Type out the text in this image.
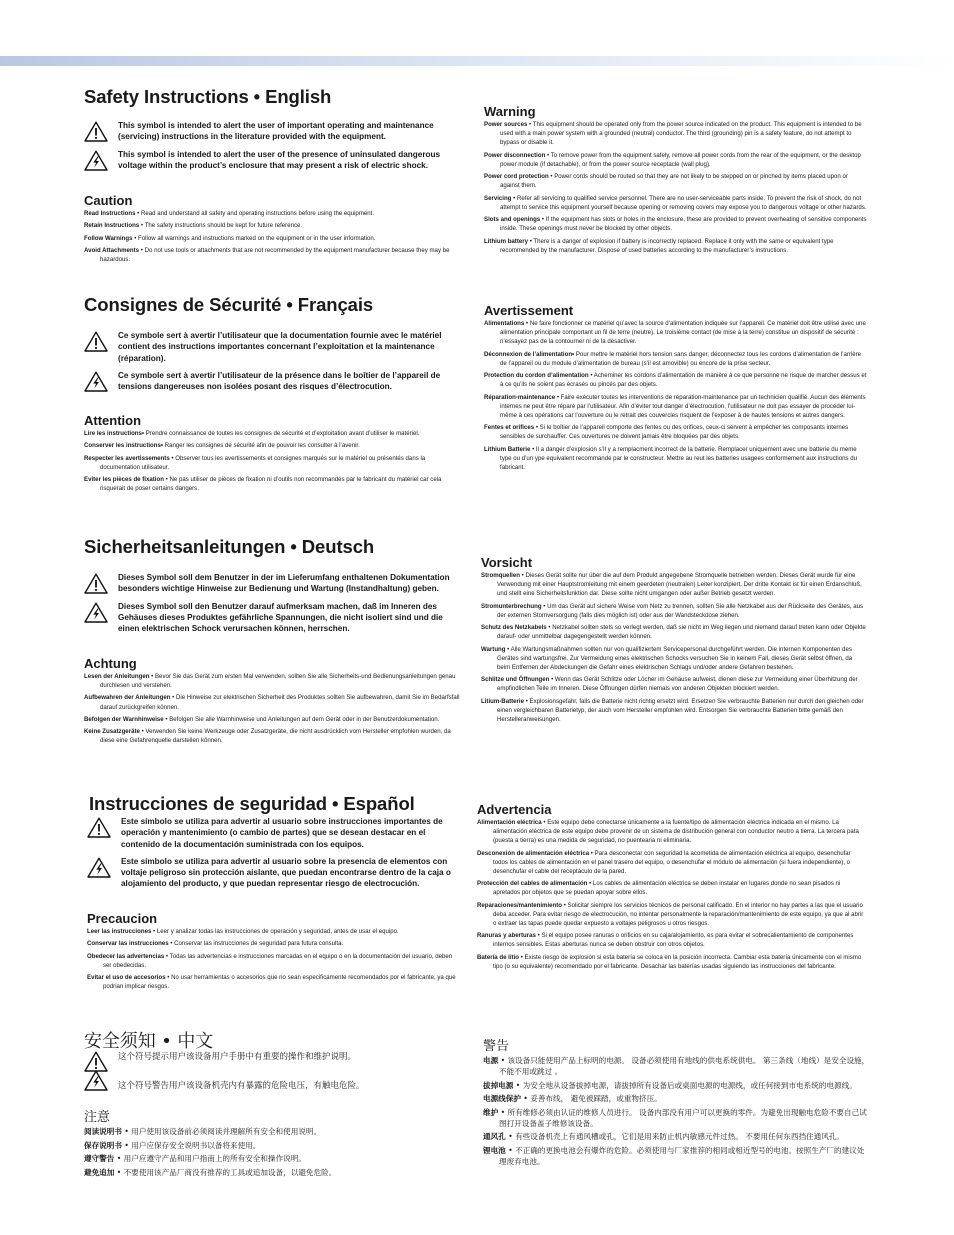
Safety Instructions • English
This symbol is intended to alert the user of important operating and maintenance (servicing) instructions in the literature provided with the equipment.
This symbol is intended to alert the user of the presence of uninsulated dangerous voltage within the product’s enclosure that may present a risk of electric shock.
Caution
Read Instructions • Read and understand all safety and operating instructions before using the equipment.
Retain Instructions • The safety instructions should be kept for future reference.
Follow Warnings • Follow all warnings and instructions marked on the equipment or in the user information.
Avoid Attachments • Do not use tools or attachments that are not recommended by the equipment manufacturer because they may be hazardous.
Warning
Power sources • This equipment should be operated only from the power source indicated on the product. This equipment is intended to be used with a main power system with a grounded (neutral) conductor. The third (grounding) pin is a safety feature, do not attempt to bypass or disable it.
Power disconnection • To remove power from the equipment safely, remove all power cords from the rear of the equipment, or the desktop power module (if detachable), or from the power source receptacle (wall plug).
Power cord protection • Power cords should be routed so that they are not likely to be stepped on or pinched by items placed upon or against them.
Servicing • Refer all servicing to qualified service personnel. There are no user-serviceable parts inside. To prevent the risk of shock, do not attempt to service this equipment yourself because opening or removing covers may expose you to dangerous voltage or other hazards.
Slots and openings • If the equipment has slots or holes in the enclosure, these are provided to prevent overheating of sensitive components inside. These openings must never be blocked by other objects.
Lithium battery • There is a danger of explosion if battery is incorrectly replaced. Replace it only with the same or equivalent type recommended by the manufacturer. Dispose of used batteries according to the manufacturer’s instructions.
Consignes de Sécurité • Français
Ce symbole sert à avertir l’utilisateur que la documentation fournie avec le matériel contient des instructions importantes concernant l’exploitation et la maintenance (réparation).
Ce symbole sert à avertir l’utilisateur de la présence dans le boîtier de l’appareil de tensions dangereuses non isolées posant des risques d’électrocution.
Attention
Lire les instructions• Prendre connaissance de toutes les consignes de sécurité et d’exploitation avant d’utiliser le matériel.
Conserver les instructions• Ranger les consignes de sécurité afin de pouvoir les consulter à l’avenir.
Respecter les avertissements • Observer tous les avertissements et consignes marqués sur le matériel ou présentés dans la documentation utilisateur.
Eviter les pièces de fixation • Ne pas utiliser de pièces de fixation ni d’outils non recommandés par le fabricant du matériel car cela risquerait de poser certains dangers.
Avertissement
Alimentations • Ne faire fonctionner ce matériel qu’avec la source d’alimentation indiquée sur l’appareil. Ce matériel doit être utilisé avec une alimentation principale comportant un fil de terre (neutre). Le troisième contact (de mise à la terre) constitue un dispositif de sécurité : n’essayez pas de la contourner ni de la désactiver.
Déconnexion de l’alimentation• Pour mettre le matériel hors tension sans danger, déconnectez tous les cordons d’alimentation de l’arrière de l’appareil ou du module d’alimentation de bureau (s’il est amovible) ou encore de la prise secteur.
Protection du cordon d’alimentation • Acheminer les cordons d’alimentation de manière à ce que personne ne risque de marcher dessus et à ce qu’ils ne soient pas écrasés ou pincés par des objets.
Réparation-maintenance • Faire exécuter toutes les interventions de réparation-maintenance par un technicien qualifié. Aucun des éléments internes ne peut être réparé par l’utilisateur. Afin d’éviter tout danger d’électrocution, l’utilisateur ne doit pas essayer de procéder lui-même à ces opérations car l’ouverture ou le retrait des couvercles risquent de l’exposer à de hautes tensions et autres dangers.
Fentes et orifices • Si le boîtier de l’appareil comporte des fentes ou des orifices, ceux-ci servent à empêcher les composants internes sensibles de surchauffer. Ces ouvertures ne doivent jamais être bloquées par des objets.
Lithium Batterie • Il a danger d’explosion s’Il y a remplacment incorrect de la batterie. Remplacer uniquement avec une batterie du meme type ou d’un ype equivalent recommande par le constructeur. Mettre au reut les batteries usagees conformement aux instructions du fabricant.
Sicherheitsanleitungen • Deutsch
Dieses Symbol soll dem Benutzer in der im Lieferumfang enthaltenen Dokumentation besonders wichtige Hinweise zur Bedienung und Wartung (Instandhaltung) geben.
Dieses Symbol soll den Benutzer darauf aufmerksam machen, daß im Inneren des Gehäuses dieses Produktes gefährliche Spannungen, die nicht isoliert sind und die einen elektrischen Schock verursachen können, herrschen.
Achtung
Lesen der Anleitungen • Bevor Sie das Gerät zum ersten Mal verwenden, sollten Sie alle Sicherheits-und Bedienungsanleitungen genau durchlesen und verstehen.
Aufbewahren der Anleitungen • Die Hinweise zur elektrischen Sicherheit des Produktes sollten Sie aufbewahren, damit Sie im Bedarfsfall darauf zurückgreifen können.
Befolgen der Warnhinweise • Befolgen Sie alle Warnhinweise und Anleitungen auf dem Gerät oder in der Benutzerdokumentation.
Keine Zusatzgeräte • Verwenden Sie keine Werkzeuge oder Zusatzgeräte, die nicht ausdrücklich vom Hersteller empfohlen wurden, da diese eine Gefahrenquelle darstellen können.
Vorsicht
Stromquellen • Dieses Gerät sollte nur über die auf dem Produkt angegebene Stromquelle betrieben werden. Dieses Gerät wurde für eine Verwendung mit einer Hauptstromleitung mit einem geerdeten (neutralen) Leiter konzipiert. Der dritte Kontakt ist für einen Erdanschluß, und stellt eine Sicherheitsfunktion dar. Diese sollte nicht umgangen oder außer Betrieb gesetzt werden.
Stromunterbrechung • Um das Gerät auf sichere Weise vom Netz zu trennen, sollten Sie alle Netzkabel aus der Rückseite des Gerätes, aus der externen Stomversorgung (falls dies möglich ist) oder aus der Wandsteckdose ziehen.
Schutz des Netzkabels • Netzkabel sollten stets so verlegt werden, daß sie nicht im Weg liegen und niemand darauf treten kann oder Objekte darauf- oder unmittelbar dagegengestellt werden können.
Wartung • Alle Wartungsmaßnahmen sollten nur von qualifiziertem Servicepersonal durchgeführt werden. Die internen Komponenten des Gerätes sind wartungsfrei. Zur Vermeidung eines elektrischen Schocks versuchen Sie in keinem Fall, dieses Gerät selbst öffnen, da beim Entfernen der Abdeckungen die Gefahr eines elektrischen Schlags und/oder andere Gefahren bestehen.
Schlitze und Öffnungen • Wenn das Gerät Schlitze oder Löcher im Gehäuse aufweist, dienen diese zur Vermeidung einer Überhitzung der empfindlichen Teile im Inneren. Diese Öffnungen dürfen niemals von anderen Objekten blockiert werden.
Litium-Batterie • Explosionsgefahr, falls die Batterie nicht richtig ersetzt wird. Ersetzen Sie verbrauchte Batterien nur durch den gleichen oder einen vergleichbaren Batterietyp, der auch vom Hersteller empfohlen wird. Entsorgen Sie verbrauchte Batterien bitte gemäß den Herstelleranweisungen.
Instrucciones de seguridad • Español
Este símbolo se utiliza para advertir al usuario sobre instrucciones importantes de operación y mantenimiento (o cambio de partes) que se desean destacar en el contenido de la documentación suministrada con los equipos.
Este símbolo se utiliza para advertir al usuario sobre la presencia de elementos con voltaje peligroso sin protección aislante, que puedan encontrarse dentro de la caja o alojamiento del producto, y que puedan representar riesgo de electrocución.
Precaucion
Leer las instrucciones • Leer y analizar todas las instrucciones de operación y seguridad, antes de usar el equipo.
Conservar las instrucciones • Conservar las instrucciones de seguridad para futura consulta.
Obedecer las advertencias • Todas las advertencias e instrucciones marcadas en el equipo o en la documentación del usuario, deben ser obedecidas.
Evitar el uso de accesorios • No usar herramientas o accesorios que no sean especificamente recomendados por el fabricante, ya que podrian implicar riesgos.
Advertencia
Alimentación eléctrica • Este equipo debe conectarse únicamente a la fuente/tipo de alimentación eléctrica indicada en el mismo. La alimentación eléctrica de este equipo debe provenir de un sistema de distribución general con conductor neutro a tierra. La tercera pata (puesta a tierra) es una medida de seguridad, no puentearia ni eliminaria.
Desconexión de alimentación eléctrica • Para desconectar con seguridad la acometida de alimentación eléctrica al equipo, desenchufar todos los cables de alimentación en el panel trasero del equipo, o desenchufar el módulo de alimentación (si fuera independiente), o desenchufar el cable del receptáculo de la pared.
Protección del cables de alimentación • Los cables de alimentación eléctrica se deben instalar en lugares donde no sean pisados ni apretados por objetos que se puedan apoyar sobre ellos.
Reparaciones/mantenimiento • Solicitar siempre los servicios técnicos de personal calificado. En el interior no hay partes a las que el usuario deba acceder. Para evitar riesgo de electrocución, no intentar personalmente la reparación/mantenimiento de este equipo, ya que al abrir o extraer las tapas puede quedar expuesto a voltajes peligrosos u otros riesgos.
Ranuras y aberturas • Si el equipo posee ranuras o orificios en su caja/alojamiento, es para evitar el sobrecalientamiento de componentes internos sensibles. Estas aberturas nunca se deben obstruir con otros objetos.
Batería de litio • Existe riesgo de explosión si esta batería se coloca en la posición incorrecta. Cambiar esta batería únicamente con el mismo tipo (o su equivalente) recomendado por el fabricante. Desachar las baterías usadas siguiendo las instrucciones del fabricante.
安全须知 • 中文
这个符号提示用户该设备用户手册中有重要的操作和维护说明。
这个符号警告用户该设备机壳内有暴露的危险电压，有触电危险。
注意
阅读说明书 • 用户使用该设备前必须阅读并理解所有安全和使用说明。
保存说明书 • 用户应保存安全说明书以备将来使用。
遵守警告 • 用户应遵守产品和用户指南上的所有安全和操作说明。
避免追加 • 不要使用该产品厂商没有推荐的工具或追加设备，以避免危险。
警告
电源 • 该设备只能使用产品上标明的电源。 设备必须使用有地线的供电系统供电。 第三条线（地线）是安全设施，不能不用或跳过 。
拔掉电源 • 为安全地从设备拔掉电源，请拔掉所有设备后或桌面电源的电源线，或任何接到市电系统的电源线。
电源线保护 • 妥善布线， 避免被踩踏，或重物挤压。
维护 • 所有维修必须由认证的维修人员进行。 设备内部没有用户可以更换的零件。为避免出现触电危险不要自己试图打开设备盖子维修该设备。
通风孔 • 有些设备机壳上有通风槽或孔，它们是用来防止机内敏感元件过热。 不要用任何东西挡住通风孔。
锂电池 • 不正确的更换电池会有爆炸的危险。必须使用与厂家推荐的相同或相近型号的电池。按照生产厂的建议处理废弃电池。
